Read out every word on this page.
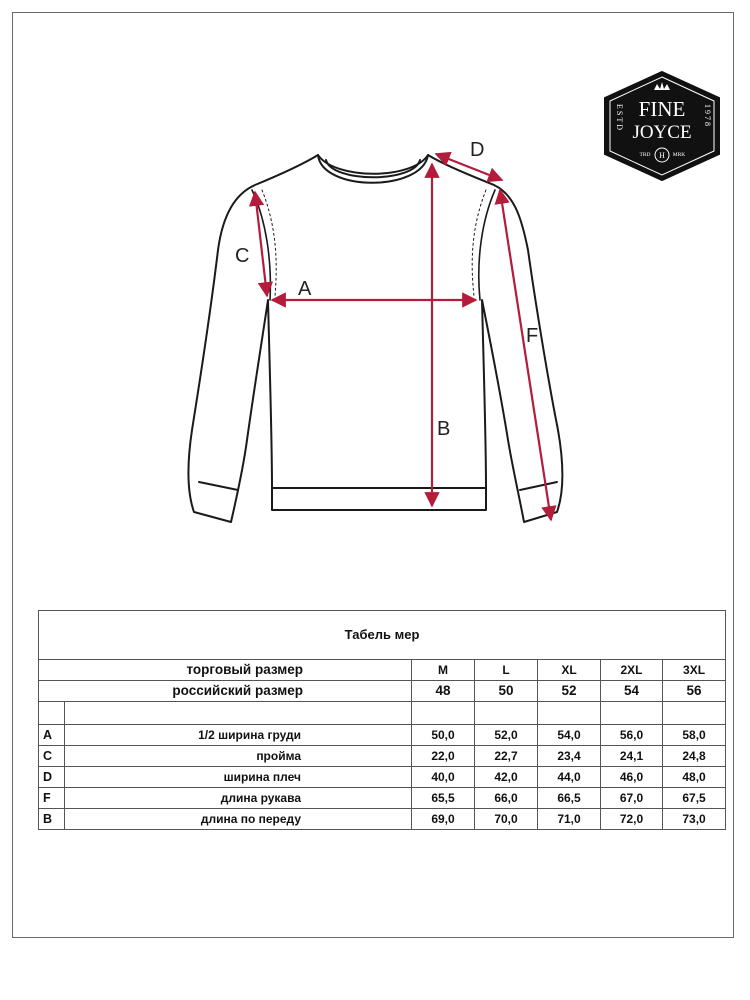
A
B
C
D
F
FINE
JOYCE
ESTD	1978
TRD	MRK
H
Табель мер						
торговый размер		M	L	XL	2XL	3XL
российский размер		48	50	52	54	56

A	1/2 ширина груди	50,0	52,0	54,0	56,0	58,0
C	пройма	22,0	22,7	23,4	24,1	24,8
D	ширина плеч	40,0	42,0	44,0	46,0	48,0
F	длина рукава	65,5	66,0	66,5	67,0	67,5
B	длина по переду	69,0	70,0	71,0	72,0	73,0
